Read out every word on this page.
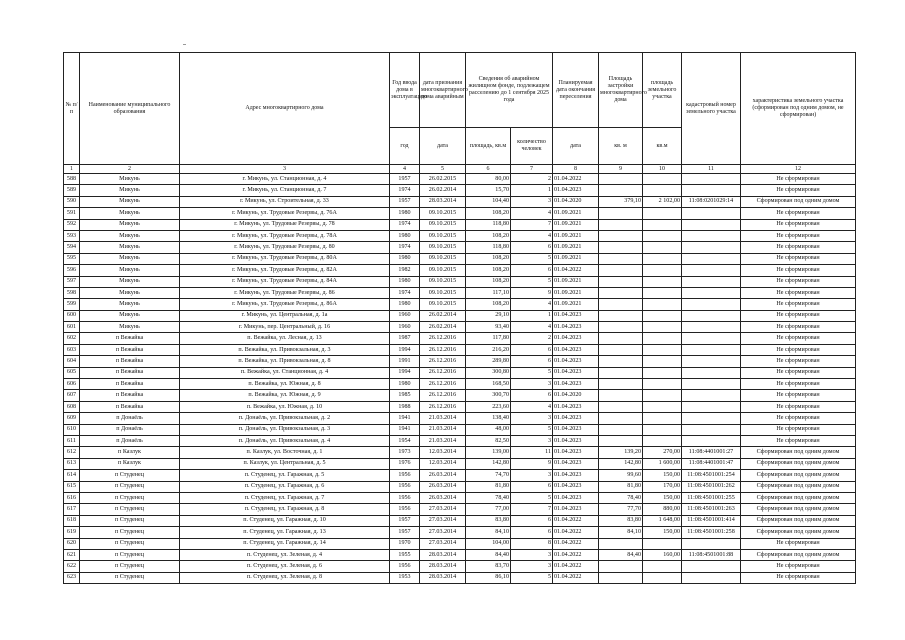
№ п/п	Наименование муниципального образования	Адрес многоквартирного дома	Год ввода дома в эксплуатацию	дата признания многоквартирного дома аварийным	Сведения об аварийном жилищном фонде, подлежащем расселению до 1 сентября 2025 года		Планируемая дата окончания переселения	Площадь застройки многоквартирного дома	площадь земельного участка	кадастровый номер земельного участка	характеристика земельного участка (сформирован под одним домом, не сформирован)
			год	дата	площадь, кв.м	количество человек	дата	кв. м	кв.м		
1	2	3	4	5	6	7	8	9	10	11	12
588	Микунь	г. Микунь, ул. Станционная, д. 4	1957	26.02.2015	80,00	2	01.04.2022				Не сформирован
589	Микунь	г. Микунь, ул. Станционная, д. 7	1974	26.02.2014	15,70	1	01.04.2023				Не сформирован
590	Микунь	г. Микунь, ул. Строительная, д. 33	1957	28.03.2014	104,40	3	01.04.2020	379,10	2 102,00	11:08:0201029:14	Сформирован под одним домом
591	Микунь	г. Микунь, ул. Трудовые Резервы, д. 76А	1980	09.10.2015	108,20	4	01.09.2021				Не сформирован
592	Микунь	г. Микунь, ул. Трудовые Резервы, д. 78	1974	09.10.2015	118,80	7	01.09.2021				Не сформирован
593	Микунь	г. Микунь, ул. Трудовые Резервы, д. 78А	1980	09.10.2015	108,20	4	01.09.2021				Не сформирован
594	Микунь	г. Микунь, ул. Трудовые Резервы, д. 80	1974	09.10.2015	118,80	6	01.09.2021				Не сформирован
595	Микунь	г. Микунь, ул. Трудовые Резервы, д. 80А	1980	09.10.2015	108,20	5	01.09.2021				Не сформирован
596	Микунь	г. Микунь, ул. Трудовые Резервы, д. 82А	1982	09.10.2015	108,20	6	01.04.2022				Не сформирован
597	Микунь	г. Микунь, ул. Трудовые Резервы, д. 84А	1980	09.10.2015	108,20	5	01.09.2021				Не сформирован
598	Микунь	г. Микунь, ул. Трудовые Резервы, д. 86	1974	09.10.2015	117,10	9	01.09.2021				Не сформирован
599	Микунь	г. Микунь, ул. Трудовые Резервы, д. 86А	1980	09.10.2015	108,20	4	01.09.2021				Не сформирован
600	Микунь	г. Микунь, ул. Центральная, д. 1а	1960	26.02.2014	29,10	1	01.04.2023				Не сформирован
601	Микунь	г. Микунь, пер. Центральный, д. 16	1960	26.02.2014	93,40	4	01.04.2023				Не сформирован
602	п Вежайка	п. Вежайка, ул. Лесная, д. 13	1987	26.12.2016	117,80	2	01.04.2023				Не сформирован
603	п Вежайка	п. Вежайка, ул. Привокзальная, д. 3	1994	26.12.2016	216,20	6	01.04.2023				Не сформирован
604	п Вежайка	п. Вежайка, ул. Привокзальная, д. 8	1991	26.12.2016	289,80	6	01.04.2023				Не сформирован
605	п Вежайка	п. Вежайка, ул. Станционная, д. 4	1994	26.12.2016	300,80	5	01.04.2023				Не сформирован
606	п Вежайка	п. Вежайка, ул. Южная, д. 8	1980	26.12.2016	168,50	3	01.04.2023				Не сформирован
607	п Вежайка	п. Вежайка, ул. Южная, д. 9	1985	26.12.2016	300,70	6	01.04.2020				Не сформирован
608	п Вежайка	п. Вежайка, ул. Южная, д. 10	1988	26.12.2016	223,60	4	01.04.2023				Не сформирован
609	п Донаёль	п. Донаёль, ул. Привокзальная, д. 2	1941	21.03.2014	138,40	3	01.04.2023				Не сформирован
610	п Донаёль	п. Донаёль, ул. Привокзальная, д. 3	1941	21.03.2014	48,00	5	01.04.2023				Не сформирован
611	п Донаёль	п. Донаёль, ул. Привокзальная, д. 4	1954	21.03.2014	82,50	3	01.04.2023				Не сформирован
612	п Казлук	п. Казлук, ул. Восточная, д. 1	1973	12.03.2014	139,00	11	01.04.2023	139,20	270,00	11:08:4401001:27	Сформирован под одним домом
613	п Казлук	п. Казлук, ул. Центральная, д. 5	1976	12.03.2014	142,80	9	01.04.2023	142,80	1 600,00	11:08:4401001:47	Сформирован под одним домом
614	п Студенец	п. Студенец, ул. Гаражная, д. 5	1956	26.03.2014	74,70	3	01.04.2023	99,60	150,00	11:08:4501001:254	Сформирован под одним домом
615	п Студенец	п. Студенец, ул. Гаражная, д. 6	1956	26.03.2014	81,80	6	01.04.2023	81,80	170,00	11:08:4501001:262	Сформирован под одним домом
616	п Студенец	п. Студенец, ул. Гаражная, д. 7	1956	26.03.2014	78,40	5	01.04.2023	78,40	150,00	11:08:4501001:255	Сформирован под одним домом
617	п Студенец	п. Студенец, ул. Гаражная, д. 8	1956	27.03.2014	77,00	7	01.04.2023	77,70	880,00	11:08:4501001:263	Сформирован под одним домом
618	п Студенец	п. Студенец, ул. Гаражная, д. 10	1957	27.03.2014	83,80	6	01.04.2022	83,80	1 648,00	11:08:4501001:414	Сформирован под одним домом
619	п Студенец	п. Студенец, ул. Гаражная, д. 13	1957	27.03.2014	84,10	6	01.04.2022	84,10	150,00	11:08:4501001:258	Сформирован под одним домом
620	п Студенец	п. Студенец, ул. Гаражная, д. 14	1970	27.03.2014	104,00	8	01.04.2022				Не сформирован
621	п Студенец	п. Студенец, ул. Зеленая, д. 4	1955	28.03.2014	84,40	3	01.04.2022	84,40	160,00	11:08:4501001:88	Сформирован под одним домом
622	п Студенец	п. Студенец, ул. Зеленая, д. 6	1956	28.03.2014	83,70	3	01.04.2022				Не сформирован
623	п Студенец	п. Студенец, ул. Зеленая, д. 8	1953	28.03.2014	86,10	5	01.04.2022				Не сформирован
